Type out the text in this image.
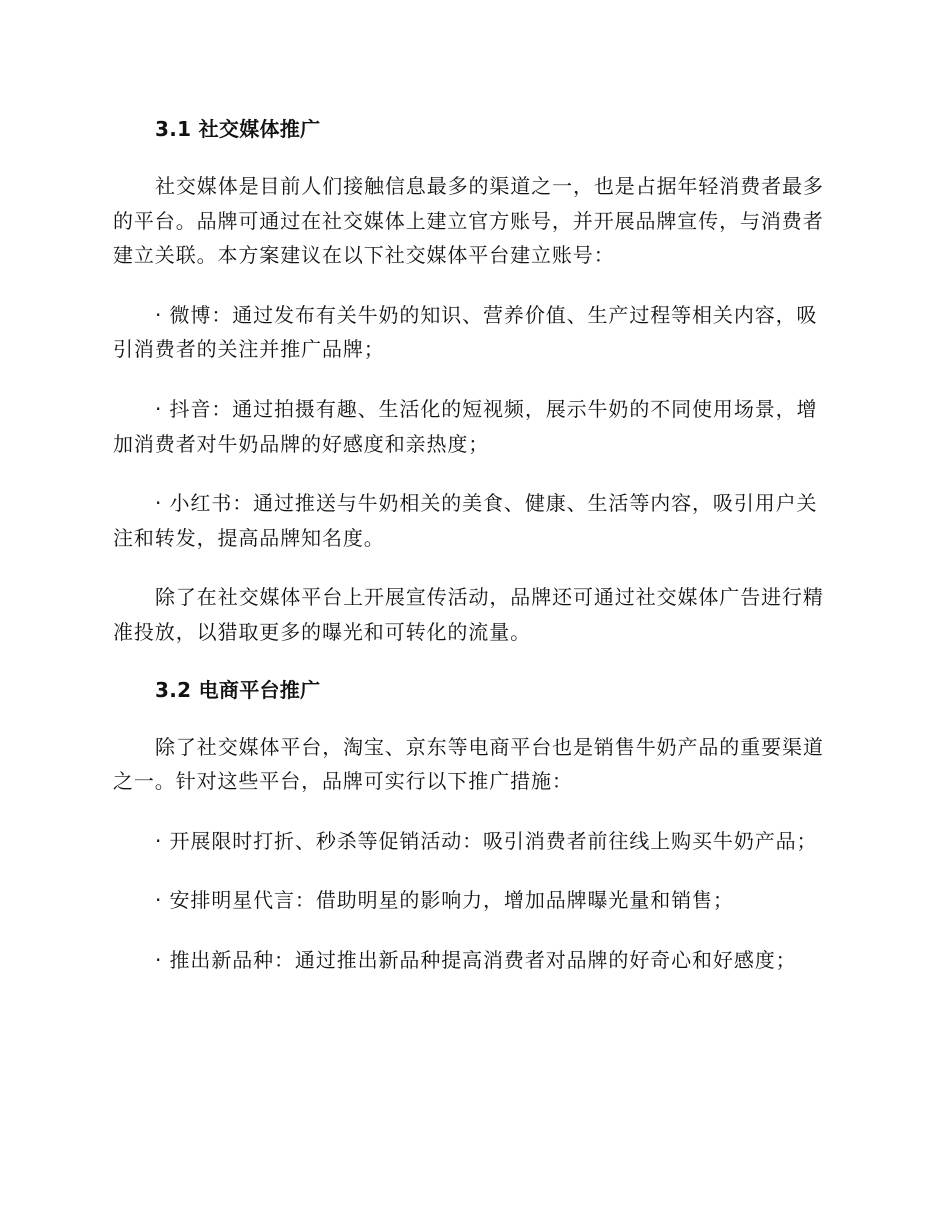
3.1 社交媒体推广

社交媒体是目前人们接触信息最多的渠道之一，也是占据年轻消费者最多的平台。品牌可通过在社交媒体上建立官方账号，并开展品牌宣传，与消费者建立关联。本方案建议在以下社交媒体平台建立账号：

· 微博：通过发布有关牛奶的知识、营养价值、生产过程等相关内容，吸引消费者的关注并推广品牌；

· 抖音：通过拍摄有趣、生活化的短视频，展示牛奶的不同使用场景，增加消费者对牛奶品牌的好感度和亲热度；

· 小红书：通过推送与牛奶相关的美食、健康、生活等内容，吸引用户关注和转发，提高品牌知名度。

除了在社交媒体平台上开展宣传活动，品牌还可通过社交媒体广告进行精准投放，以猎取更多的曝光和可转化的流量。

3.2 电商平台推广

除了社交媒体平台，淘宝、京东等电商平台也是销售牛奶产品的重要渠道之一。针对这些平台，品牌可实行以下推广措施：

· 开展限时打折、秒杀等促销活动：吸引消费者前往线上购买牛奶产品；

· 安排明星代言：借助明星的影响力，增加品牌曝光量和销售；

· 推出新品种：通过推出新品种提高消费者对品牌的好奇心和好感度；
